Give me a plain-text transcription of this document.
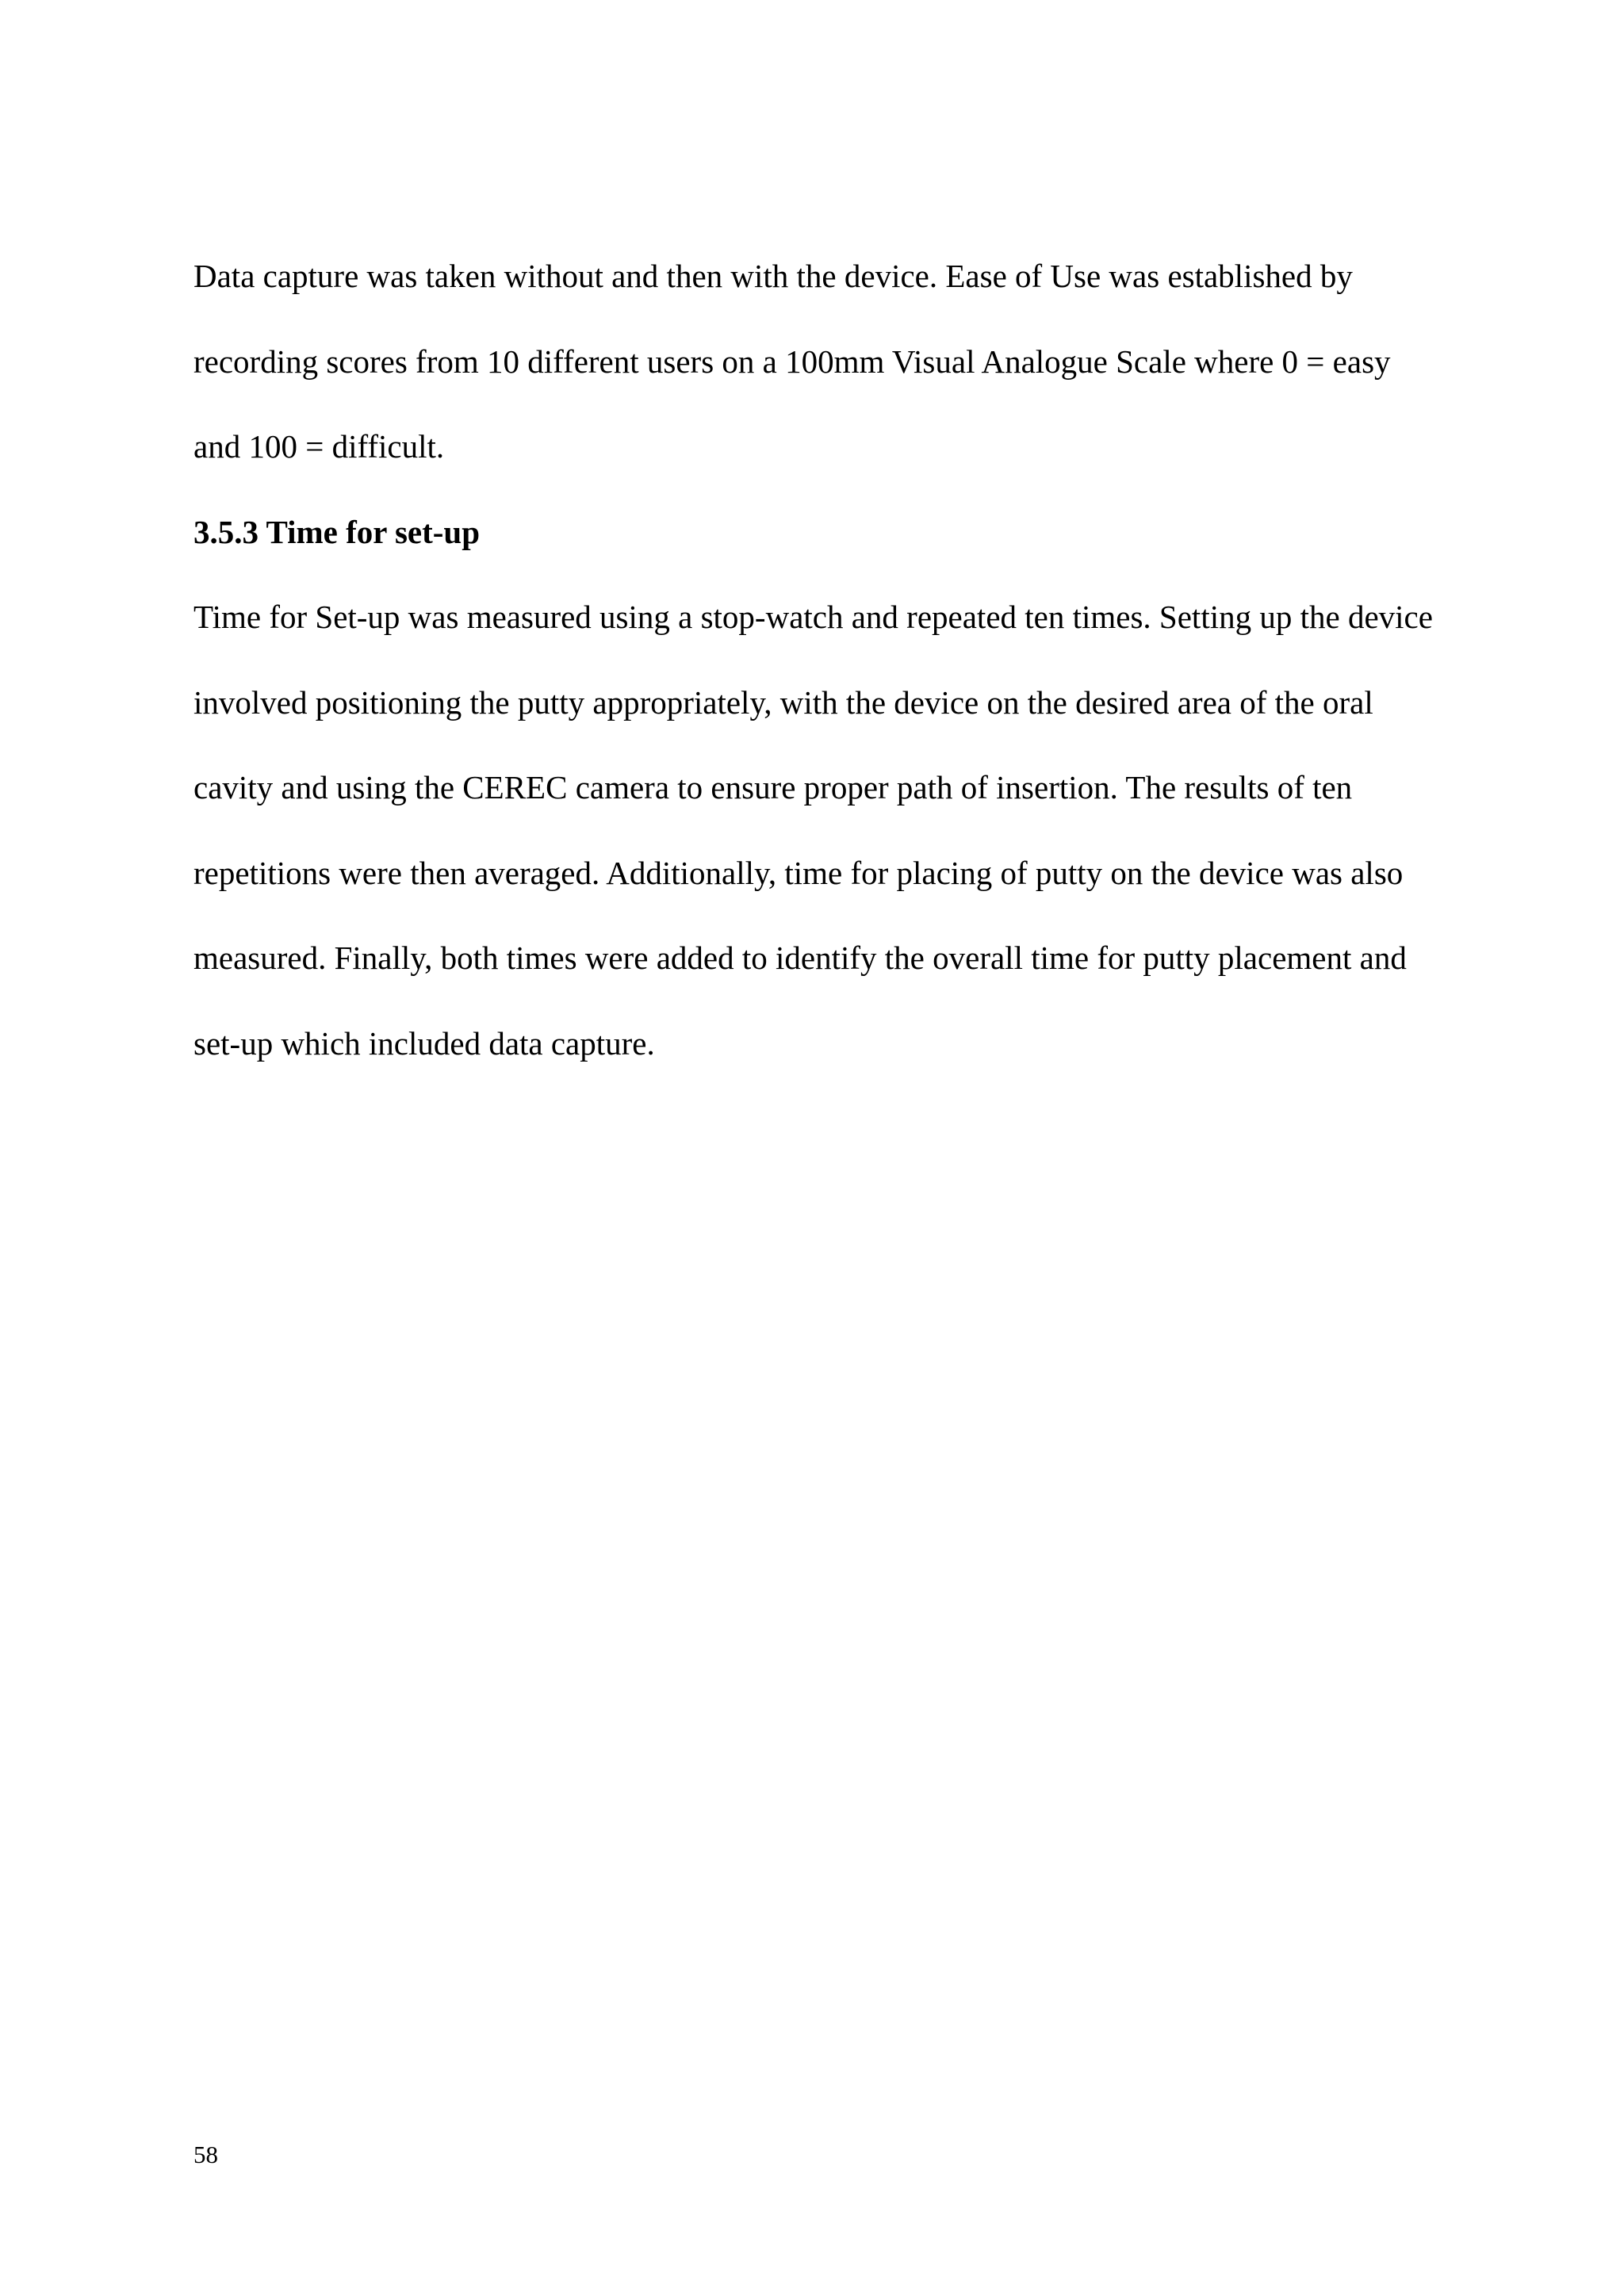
Data capture was taken without and then with the device. Ease of Use was established by
recording scores from 10 different users on a 100mm Visual Analogue Scale where 0 = easy
and 100 = difficult.
3.5.3 Time for set-up
Time for Set-up was measured using a stop-watch and repeated ten times. Setting up the device
involved positioning the putty appropriately, with the device on the desired area of the oral
cavity and using the CEREC camera to ensure proper path of insertion. The results of ten
repetitions were then averaged. Additionally, time for placing of putty on the device was also
measured. Finally, both times were added to identify the overall time for putty placement and
set-up which included data capture.
58
